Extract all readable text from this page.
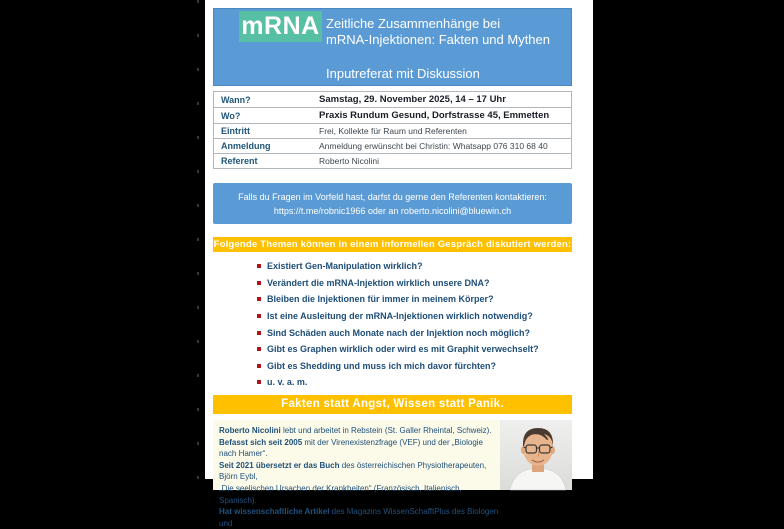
mRNA Zeitliche Zusammenhänge bei
mRNA-Injektionen: Fakten und Mythen
Inputreferat mit Diskussion
Wann?	Samstag, 29. November 2025, 14 – 17 Uhr
Wo?	Praxis Rundum Gesund, Dorfstrasse 45, Emmetten
Eintritt	Frei, Kollekte für Raum und Referenten
Anmeldung	Anmeldung erwünscht bei Christin: Whatsapp 076 310 68 40
Referent	Roberto Nicolini
Falls du Fragen im Vorfeld hast, darfst du gerne den Referenten kontaktieren:
https://t.me/robnic1966 oder an roberto.nicolini@bluewin.ch
Folgende Themen können in einem informellen Gespräch diskutiert werden:
Existiert Gen-Manipulation wirklich?
Verändert die mRNA-Injektion wirklich unsere DNA?
Bleiben die Injektionen für immer in meinem Körper?
Ist eine Ausleitung der mRNA-Injektionen wirklich notwendig?
Sind Schäden auch Monate nach der Injektion noch möglich?
Gibt es Graphen wirklich oder wird es mit Graphit verwechselt?
Gibt es Shedding und muss ich mich davor fürchten?
u. v. a. m.
Fakten statt Angst, Wissen statt Panik.
Roberto Nicolini lebt und arbeitet in Rebstein (St. Galler Rheintal, Schweiz).
Befasst sich seit 2005 mit der Virenexistenzfrage (VEF) und der „Biologie nach Hamer“.
Seit 2021 übersetzt er das Buch des österreichischen Physiotherapeuten, Björn Eybl,
„Die seelischen Ursachen der Krankheiten“ (Französisch, Italienisch, Spanisch).
Hat wissenschaftliche Artikel des Magazins WissenSchafftPlus des Biologen und
